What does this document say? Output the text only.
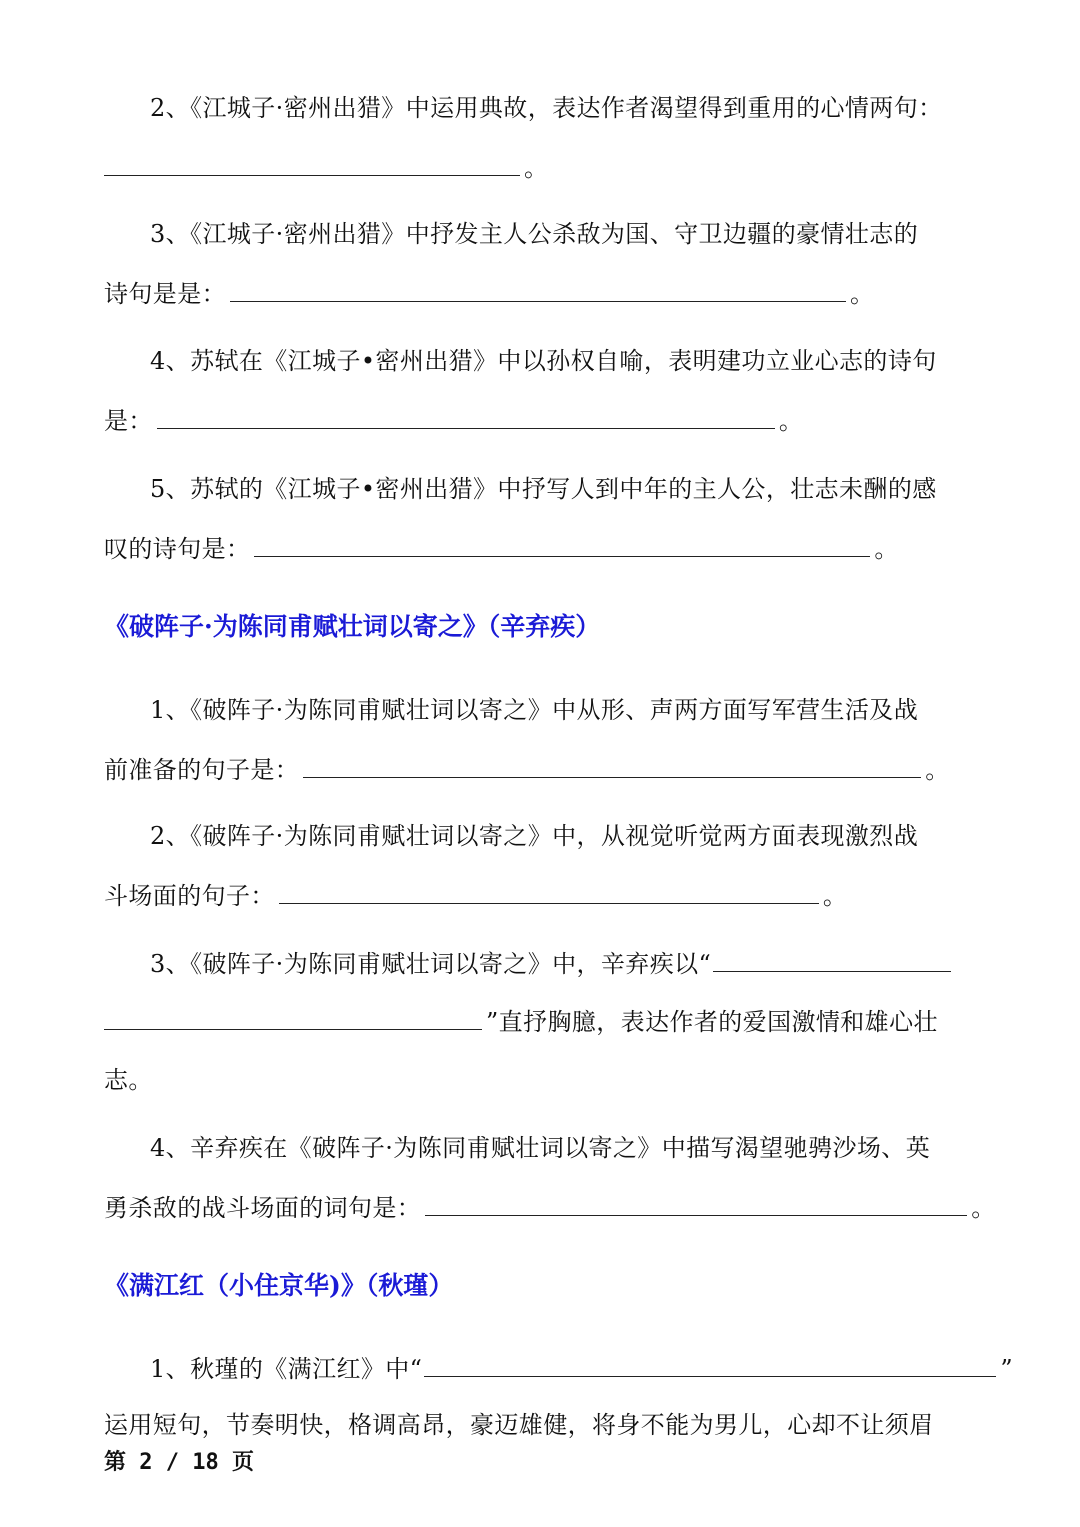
2、《江城子·密州出猎》中运用典故，表达作者渴望得到重用的心情两句：
。
3、《江城子·密州出猎》中抒发主人公杀敌为国、守卫边疆的豪情壮志的
诗句是是：	。
4、苏轼在《江城子•密州出猎》中以孙权自喻，表明建功立业心志的诗句
是：	。
5、苏轼的《江城子•密州出猎》中抒写人到中年的主人公，壮志未酬的感
叹的诗句是：	。
《破阵子·为陈同甫赋壮词以寄之》（辛弃疾）
1、《破阵子·为陈同甫赋壮词以寄之》中从形、声两方面写军营生活及战
前准备的句子是：	。
2、《破阵子·为陈同甫赋壮词以寄之》中，从视觉听觉两方面表现激烈战
斗场面的句子：	。
3、《破阵子·为陈同甫赋壮词以寄之》中，辛弃疾以“
”直抒胸臆，表达作者的爱国激情和雄心壮
志。
4、辛弃疾在《破阵子·为陈同甫赋壮词以寄之》中描写渴望驰骋沙场、英
勇杀敌的战斗场面的词句是：	。
《满江红（小住京华)》（秋瑾）
1、秋瑾的《满江红》中“	”
运用短句，节奏明快，格调高昂，豪迈雄健，将身不能为男儿，心却不让须眉
第 2 / 18 页
